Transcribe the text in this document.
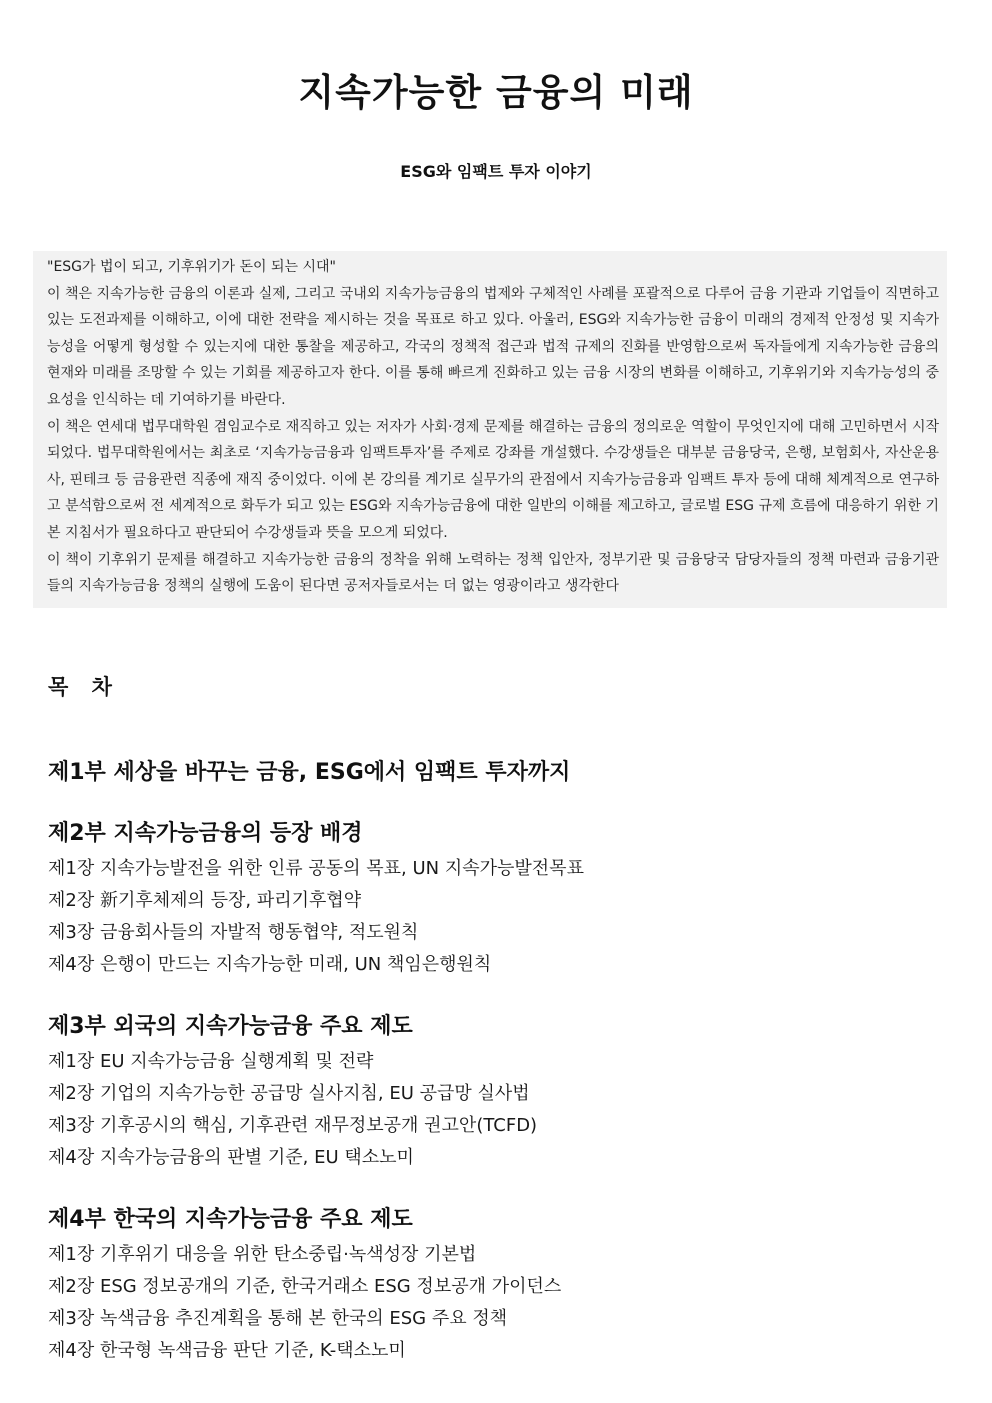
지속가능한 금융의 미래
ESG와 임팩트 투자 이야기

"ESG가 법이 되고, 기후위기가 돈이 되는 시대"

이 책은 지속가능한 금융의 이론과 실제, 그리고 국내외 지속가능금융의 법제와 구체적인 사례를 포괄적으로 다루어 금융 기관과 기업들이 직면하고 있는 도전과제를 이해하고, 이에 대한 전략을 제시하는 것을 목표로 하고 있다. 아울러, ESG와 지속가능한 금융이 미래의 경제적 안정성 및 지속가능성을 어떻게 형성할 수 있는지에 대한 통찰을 제공하고, 각국의 정책적 접근과 법적 규제의 진화를 반영함으로써 독자들에게 지속가능한 금융의 현재와 미래를 조망할 수 있는 기회를 제공하고자 한다. 이를 통해 빠르게 진화하고 있는 금융 시장의 변화를 이해하고, 기후위기와 지속가능성의 중요성을 인식하는 데 기여하기를 바란다.

이 책은 연세대 법무대학원 겸임교수로 재직하고 있는 저자가 사회·경제 문제를 해결하는 금융의 정의로운 역할이 무엇인지에 대해 고민하면서 시작되었다. 법무대학원에서는 최초로 ‘지속가능금융과 임팩트투자’를 주제로 강좌를 개설했다. 수강생들은 대부분 금융당국, 은행, 보험회사, 자산운용사, 핀테크 등 금융관련 직종에 재직 중이었다. 이에 본 강의를 계기로 실무가의 관점에서 지속가능금융과 임팩트 투자 등에 대해 체계적으로 연구하고 분석함으로써 전 세계적으로 화두가 되고 있는 ESG와 지속가능금융에 대한 일반의 이해를 제고하고, 글로벌 ESG 규제 흐름에 대응하기 위한 기본 지침서가 필요하다고 판단되어 수강생들과 뜻을 모으게 되었다.

이 책이 기후위기 문제를 해결하고 지속가능한 금융의 정착을 위해 노력하는 정책 입안자, 정부기관 및 금융당국 담당자들의 정책 마련과 금융기관들의 지속가능금융 정책의 실행에 도움이 된다면 공저자들로서는 더 없는 영광이라고 생각한다

목 차
제1부 세상을 바꾸는 금융, ESG에서 임팩트 투자까지
제2부 지속가능금융의 등장 배경
제1장 지속가능발전을 위한 인류 공동의 목표, UN 지속가능발전목표
제2장 新기후체제의 등장, 파리기후협약
제3장 금융회사들의 자발적 행동협약, 적도원칙
제4장 은행이 만드는 지속가능한 미래, UN 책임은행원칙
제3부 외국의 지속가능금융 주요 제도
제1장 EU 지속가능금융 실행계획 및 전략
제2장 기업의 지속가능한 공급망 실사지침, EU 공급망 실사법
제3장 기후공시의 핵심, 기후관련 재무정보공개 권고안(TCFD)
제4장 지속가능금융의 판별 기준, EU 택소노미
제4부 한국의 지속가능금융 주요 제도
제1장 기후위기 대응을 위한 탄소중립·녹색성장 기본법
제2장 ESG 정보공개의 기준, 한국거래소 ESG 정보공개 가이던스
제3장 녹색금융 추진계획을 통해 본 한국의 ESG 주요 정책
제4장 한국형 녹색금융 판단 기준, K-택소노미
